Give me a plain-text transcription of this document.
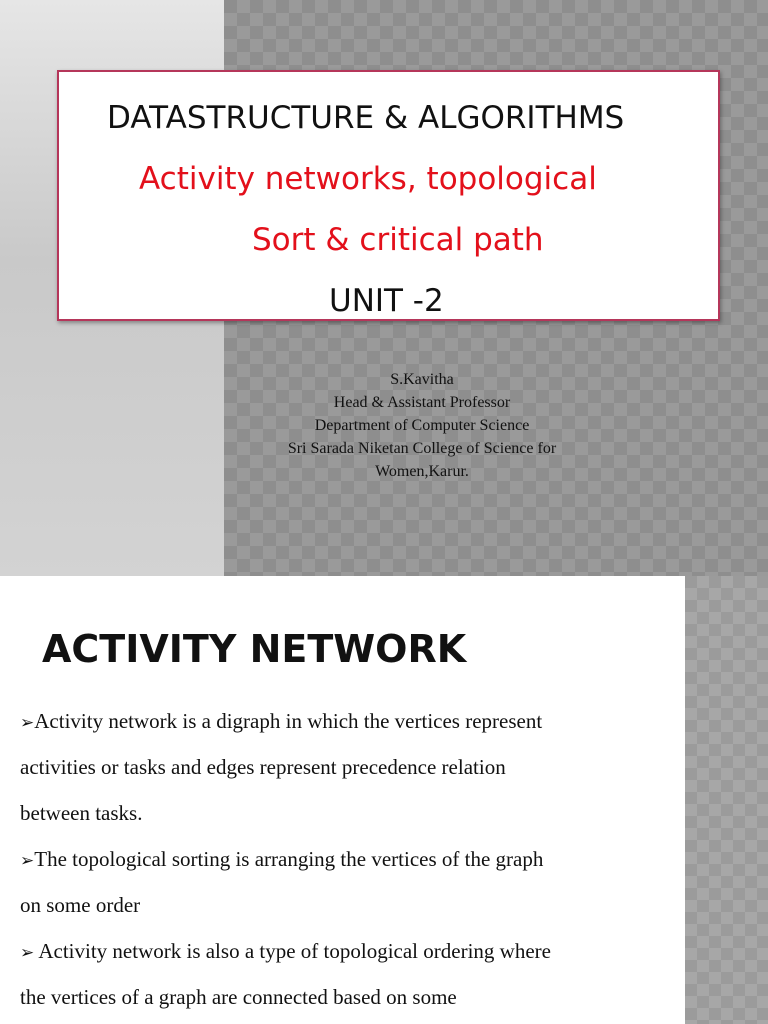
DATASTRUCTURE & ALGORITHMS
Activity networks, topological
Sort & critical path
UNIT -2
S.Kavitha
Head & Assistant Professor
Department of Computer Science
Sri Sarada Niketan College of Science for
Women,Karur.
ACTIVITY NETWORK
➢Activity network is a digraph in which the vertices represent
activities or tasks and edges represent precedence relation
between tasks.
➢The topological sorting is arranging the vertices of the graph
on some order
➢ Activity network is also a type of topological ordering where
the vertices of a graph are connected based on some
